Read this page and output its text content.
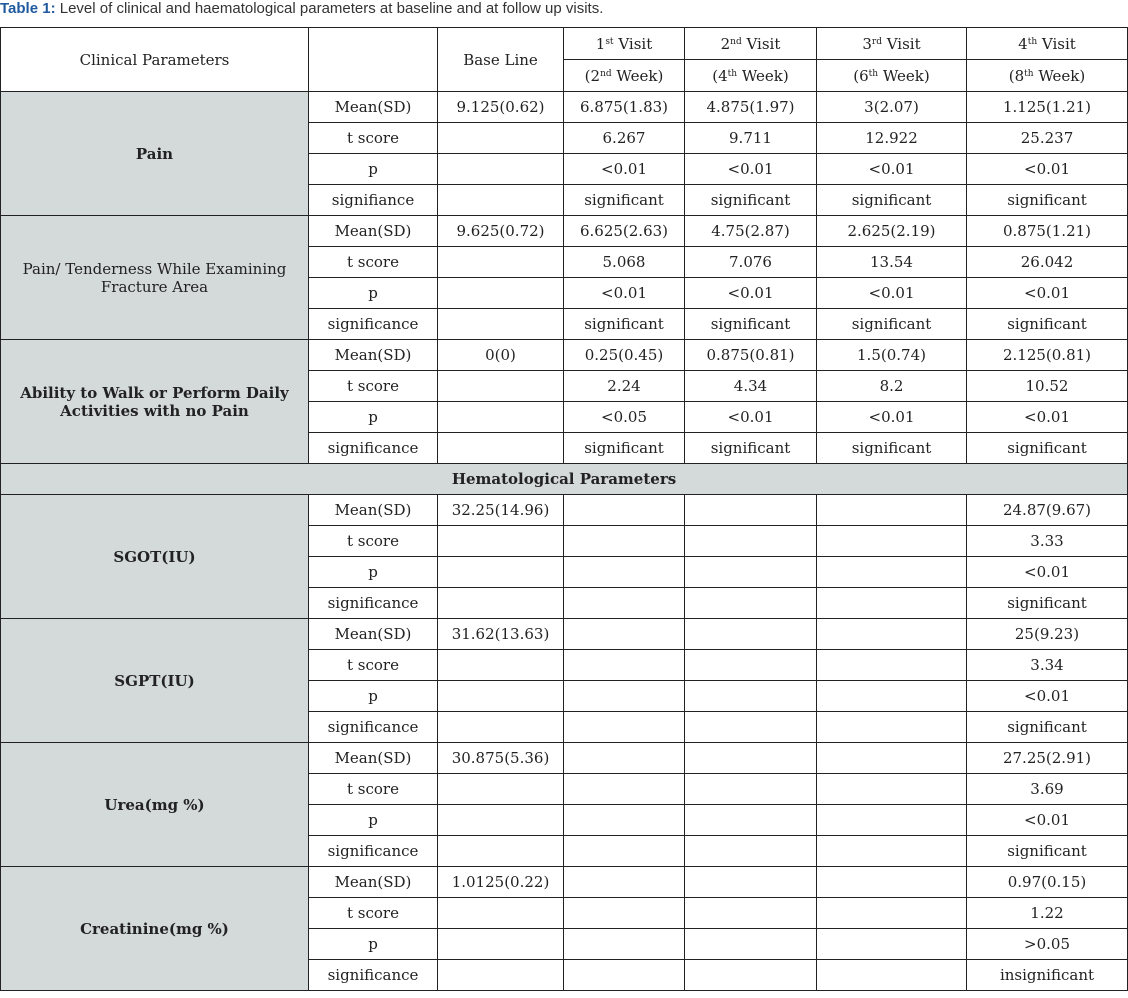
Table 1: Level of clinical and haematological parameters at baseline and at follow up visits.
Clinical Parameters		Base Line	1st Visit	2nd Visit	3rd Visit	4th Visit
			(2nd Week)	(4th Week)	(6th Week)	(8th Week)
Pain	Mean(SD)	9.125(0.62)	6.875(1.83)	4.875(1.97)	3(2.07)	1.125(1.21)
	t score		6.267	9.711	12.922	25.237
	p		<0.01	<0.01	<0.01	<0.01
	signifiance		significant	significant	significant	significant
Pain/ Tenderness While Examining Fracture Area	Mean(SD)	9.625(0.72)	6.625(2.63)	4.75(2.87)	2.625(2.19)	0.875(1.21)
	t score		5.068	7.076	13.54	26.042
	p		<0.01	<0.01	<0.01	<0.01
	significance		significant	significant	significant	significant
Ability to Walk or Perform Daily Activities with no Pain	Mean(SD)	0(0)	0.25(0.45)	0.875(0.81)	1.5(0.74)	2.125(0.81)
	t score		2.24	4.34	8.2	10.52
	p		<0.05	<0.01	<0.01	<0.01
	significance		significant	significant	significant	significant
Hematological Parameters						
SGOT(IU)	Mean(SD)	32.25(14.96)				24.87(9.67)
	t score					3.33
	p					<0.01
	significance					significant
SGPT(IU)	Mean(SD)	31.62(13.63)				25(9.23)
	t score					3.34
	p					<0.01
	significance					significant
Urea(mg %)	Mean(SD)	30.875(5.36)				27.25(2.91)
	t score					3.69
	p					<0.01
	significance					significant
Creatinine(mg %)	Mean(SD)	1.0125(0.22)				0.97(0.15)
	t score					1.22
	p					>0.05
	significance					insignificant
